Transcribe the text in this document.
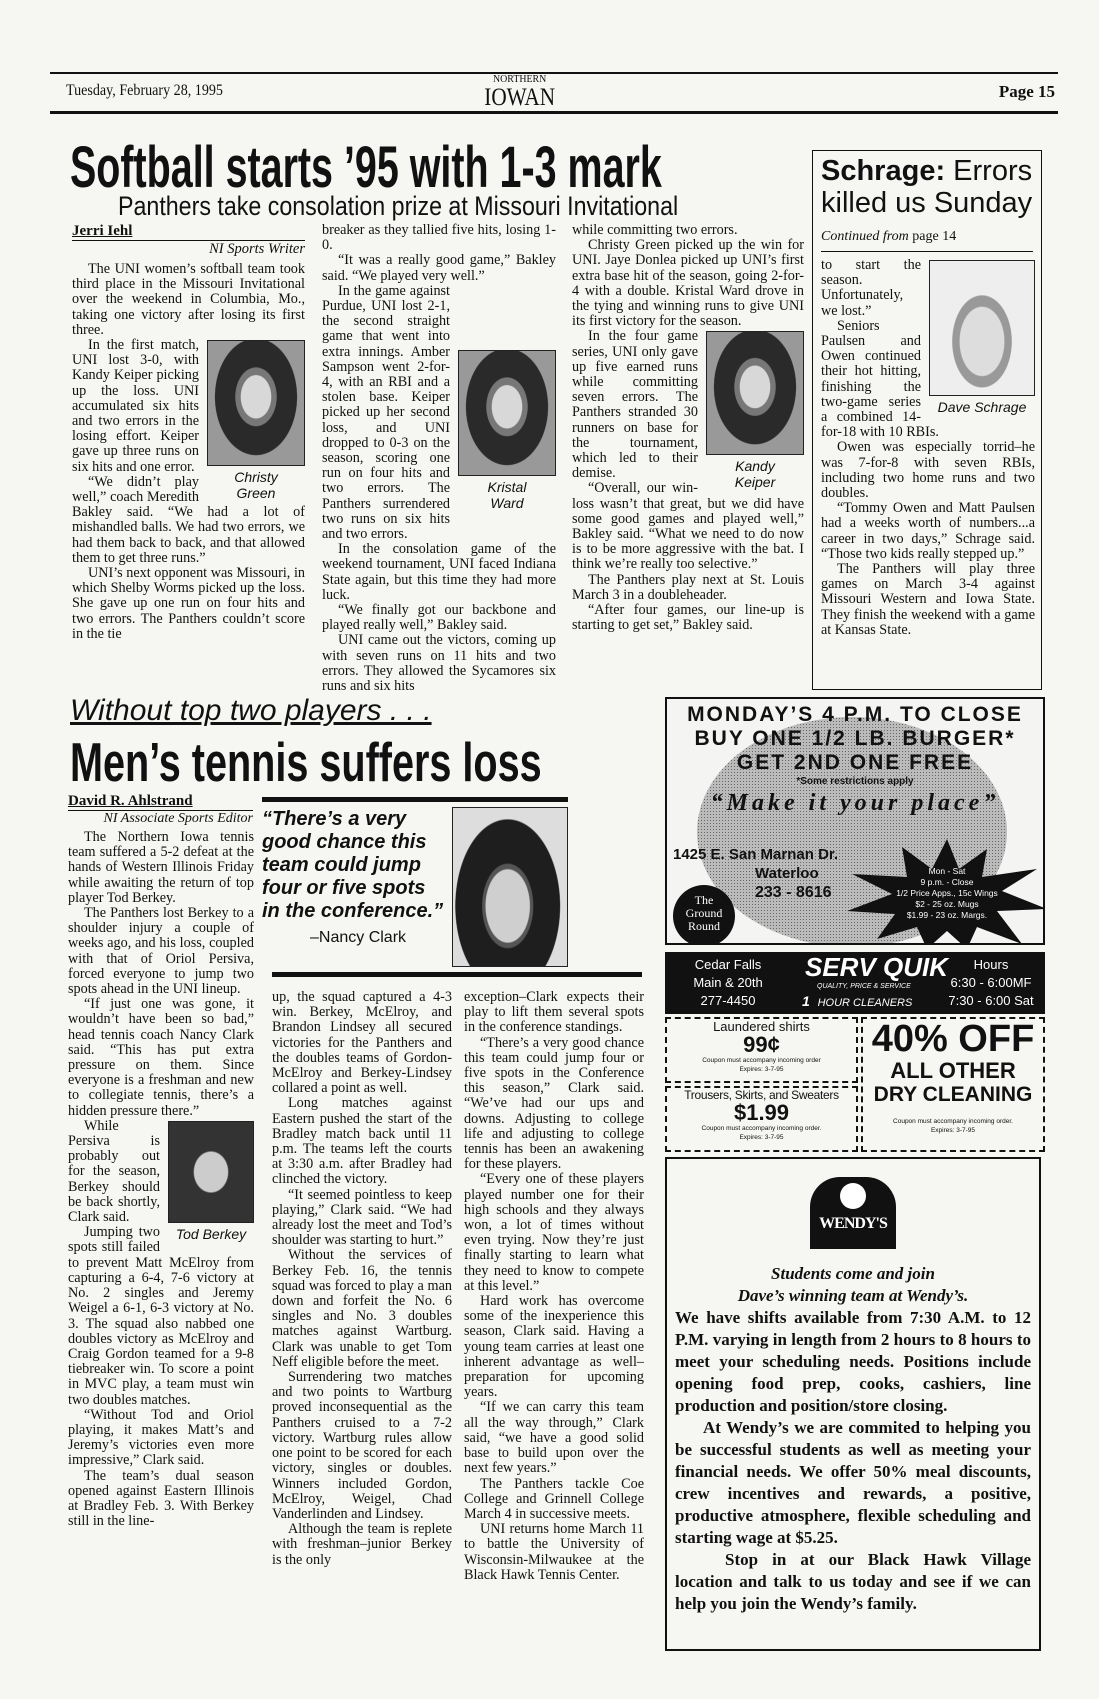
Tuesday, February 28, 1995
NORTHERN
IOWAN	Page 15
Softball starts ’95 with 1-3 mark
Panthers take consolation prize at Missouri Invitational
Jerri Iehl
NI Sports Writer

The UNI women’s softball team took third place in the Missouri Invitational over the weekend in Columbia, Mo., taking one victory after losing its first three.

Christy
Green
In the first match, UNI lost 3-0, with Kandy Keiper picking up the loss. UNI accumulated six hits and two errors in the losing effort. Keiper gave up three runs on six hits and one error.

“We didn’t play well,” coach Meredith Bakley said. “We had a lot of mishandled balls. We had two errors, we had them back to back, and that allowed them to get three runs.”

UNI’s next opponent was Missouri, in which Shelby Worms picked up the loss. She gave up one run on four hits and two errors. The Panthers couldn’t score in the tie

breaker as they tallied five hits, losing 1-0.

“It was a really good game,” Bakley said. “We played very well.”

Kristal
Ward
In the game against Purdue, UNI lost 2-1, the second straight game that went into extra innings. Amber Sampson went 2-for-4, with an RBI and a stolen base. Keiper picked up her second loss, and UNI dropped to 0-3 on the season, scoring one run on four hits and two errors. The Panthers surrendered two runs on six hits and two errors.

In the consolation game of the weekend tournament, UNI faced Indiana State again, but this time they had more luck.

“We finally got our backbone and played really well,” Bakley said.

UNI came out the victors, coming up with seven runs on 11 hits and two errors. They allowed the Sycamores six runs and six hits

while committing two errors.

Christy Green picked up the win for UNI. Jaye Donlea picked up UNI’s first extra base hit of the season, going 2-for-4 with a double. Kristal Ward drove in the tying and winning runs to give UNI its first victory for the season.

Kandy
Keiper
In the four game series, UNI only gave up five earned runs while committing seven errors. The Panthers stranded 30 runners on base for the tournament, which led to their demise.

“Overall, our win-loss wasn’t that great, but we did have some good games and played well,” Bakley said. “What we need to do now is to be more aggressive with the bat. I think we’re really too selective.”

The Panthers play next at St. Louis March 3 in a doubleheader.

“After four games, our line-up is starting to get set,” Bakley said.

Schrage: Errors killed us Sunday
Continued from page 14
Dave Schrage

to start the season. Unfortunately, we lost.”

Seniors Paulsen and Owen continued their hot hitting, finishing the two-game series a combined 14-for-18 with 10 RBIs.

Owen was especially torrid–he was 7-for-8 with seven RBIs, including two home runs and two doubles.

“Tommy Owen and Matt Paulsen had a weeks worth of numbers...a career in two days,” Schrage said. “Those two kids really stepped up.”

The Panthers will play three games on March 3-4 against Missouri Western and Iowa State. They finish the weekend with a game at Kansas State.

Without top two players . . .
Men’s tennis suffers loss
David R. Ahlstrand
NI Associate Sports Editor “There’s a very good chance this team could jump four or five spots in the conference.”
–Nancy Clark

The Northern Iowa tennis team suffered a 5-2 defeat at the hands of Western Illinois Friday while awaiting the return of top player Tod Berkey.

The Panthers lost Berkey to a shoulder injury a couple of weeks ago, and his loss, coupled with that of Oriol Persiva, forced everyone to jump two spots ahead in the UNI lineup.

“If just one was gone, it wouldn’t have been so bad,” head tennis coach Nancy Clark said. “This has put extra pressure on them. Since everyone is a freshman and new to collegiate tennis, there’s a hidden pressure there.”

Tod Berkey
While Persiva is probably out for the season, Berkey should be back shortly, Clark said.

Jumping two spots still failed to prevent Matt McElroy from capturing a 6-4, 7-6 victory at No. 2 singles and Jeremy Weigel a 6-1, 6-3 victory at No. 3. The squad also nabbed one doubles victory as McElroy and Craig Gordon teamed for a 9-8 tiebreaker win. To score a point in MVC play, a team must win two doubles matches.

“Without Tod and Oriol playing, it makes Matt’s and Jeremy’s victories even more impressive,” Clark said.

The team’s dual season opened against Eastern Illinois at Bradley Feb. 3. With Berkey still in the line-

up, the squad captured a 4-3 win. Berkey, McElroy, and Brandon Lindsey all secured victories for the Panthers and the doubles teams of Gordon-McElroy and Berkey-Lindsey collared a point as well.

Long matches against Eastern pushed the start of the Bradley match back until 11 p.m. The teams left the courts at 3:30 a.m. after Bradley had clinched the victory.

“It seemed pointless to keep playing,” Clark said. “We had already lost the meet and Tod’s shoulder was starting to hurt.”

Without the services of Berkey Feb. 16, the tennis squad was forced to play a man down and forfeit the No. 6 singles and No. 3 doubles matches against Wartburg. Clark was unable to get Tom Neff eligible before the meet.

Surrendering two matches and two points to Wartburg proved inconsequential as the Panthers cruised to a 7-2 victory. Wartburg rules allow one point to be scored for each victory, singles or doubles. Winners included Gordon, McElroy, Weigel, Chad Vanderlinden and Lindsey.

Although the team is replete with freshman–junior Berkey is the only

exception–Clark expects their play to lift them several spots in the conference standings.

“There’s a very good chance this team could jump four or five spots in the Conference this season,” Clark said. “We’ve had our ups and downs. Adjusting to college life and adjusting to college tennis has been an awakening for these players.

“Every one of these players played number one for their high schools and they always won, a lot of times without even trying. Now they’re just finally starting to learn what they need to know to compete at this level.”

Hard work has overcome some of the inexperience this season, Clark said. Having a young team carries at least one inherent advantage as well–preparation for upcoming years.

“If we can carry this team all the way through,” Clark said, “we have a good solid base to build upon over the next few years.”

The Panthers tackle Coe College and Grinnell College March 4 in successive meets.

UNI returns home March 11 to battle the University of Wisconsin-Milwaukee at the Black Hawk Tennis Center.

MONDAY’S 4 P.M. TO CLOSE
BUY ONE 1/2 LB. BURGER*
GET 2ND ONE FREE
*Some restrictions apply
“Make it your place”
1425 E. San Marnan Dr.
Waterloo
233 - 8616
The
Ground
Round
Mon - Sat
9 p.m. - Close
1/2 Price Apps., 15c Wings
$2 - 25 oz. Mugs
$1.99 - 23 oz. Margs.
Cedar Falls
Main & 20th
277-4450
SERV QUIK
QUALITY, PRICE & SERVICE
1 HOUR CLEANERS
Hours
6:30 - 6:00MF
7:30 - 6:00 Sat
Laundered shirts
99¢
Coupon must accompany incoming order
Expires: 3-7-95
Trousers, Skirts, and Sweaters
$1.99
Coupon must accompany incoming order.
Expires: 3-7-95
40% OFF
ALL OTHER
DRY CLEANING
Coupon must accompany incoming order.
Expires: 3-7-95
WENDY'S

Students come and join

Dave’s winning team at Wendy’s.

We have shifts available from 7:30 A.M. to 12 P.M. varying in length from 2 hours to 8 hours to meet your scheduling needs. Positions include opening food prep, cooks, cashiers, line production and position/store closing.

At Wendy’s we are commited to helping you be successful students as well as meeting your financial needs. We offer 50% meal discounts, crew incentives and rewards, a positive, productive atmosphere, flexible scheduling and starting wage at $5.25.

Stop in at our Black Hawk Village location and talk to us today and see if we can help you join the Wendy’s family.
